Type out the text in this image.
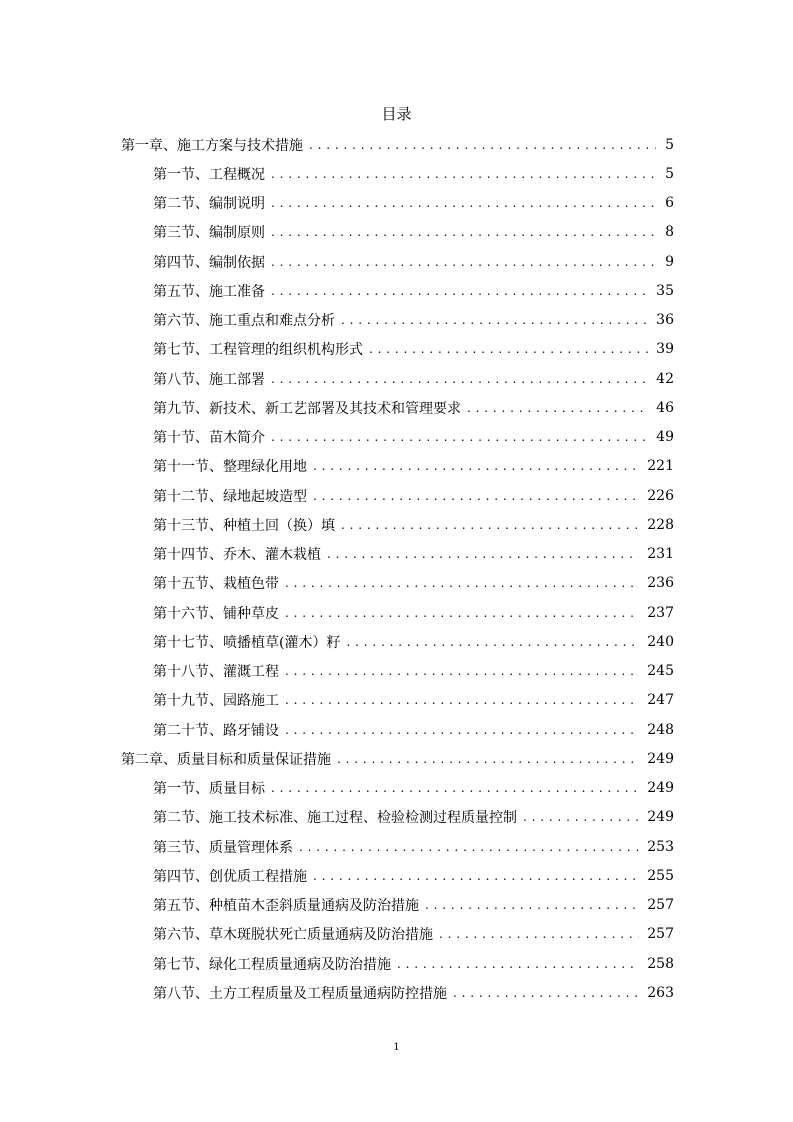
目录
第一章、施工方案与技术措施 . . .	5
第一节、工程概况 . . .	5
第二节、编制说明 . . .	6
第三节、编制原则 . . .	8
第四节、编制依据 . . .	9
第五节、施工准备 . . .	35
第六节、施工重点和难点分析 . . .	36
第七节、工程管理的组织机构形式 . . .	39
第八节、施工部署 . . .	42
第九节、新技术、新工艺部署及其技术和管理要求 . . .	46
第十节、苗木简介 . . .	49
第十一节、整理绿化用地 . . .	221
第十二节、绿地起坡造型 . . .	226
第十三节、种植土回（换）填 . . .	228
第十四节、乔木、灌木栽植 . . .	231
第十五节、栽植色带 . . .	236
第十六节、铺种草皮 . . .	237
第十七节、喷播植草(灌木）籽 . . .	240
第十八节、灌溉工程 . . .	245
第十九节、园路施工 . . .	247
第二十节、路牙铺设 . . .	248
第二章、质量目标和质量保证措施 . . .	249
第一节、质量目标 . . .	249
第二节、施工技术标准、施工过程、检验检测过程质量控制 . . .	249
第三节、质量管理体系 . . .	253
第四节、创优质工程措施 . . .	255
第五节、种植苗木歪斜质量通病及防治措施 . . .	257
第六节、草木斑脱状死亡质量通病及防治措施 . . .	257
第七节、绿化工程质量通病及防治措施 . . .	258
第八节、土方工程质量及工程质量通病防控措施 . . .	263
1
